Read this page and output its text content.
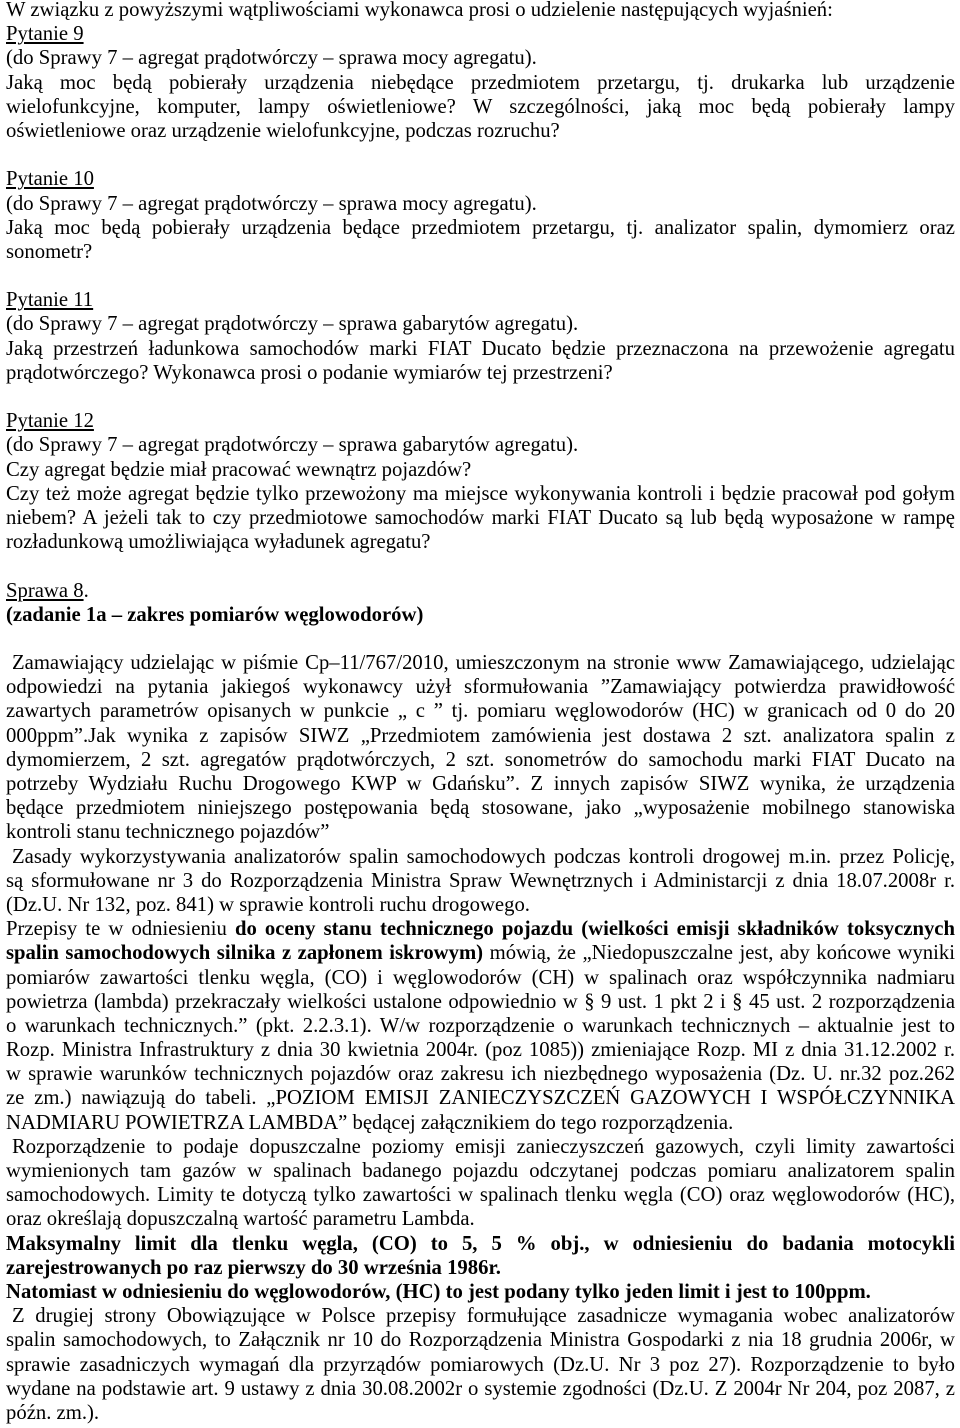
W związku z powyższymi wątpliwościami wykonawca prosi o udzielenie następujących wyjaśnień:
Pytanie 9
(do Sprawy 7 – agregat prądotwórczy – sprawa mocy agregatu).
Jaką moc będą pobierały urządzenia niebędące przedmiotem przetargu, tj. drukarka lub urządzenie
wielofunkcyjne, komputer, lampy oświetleniowe? W szczególności, jaką moc będą pobierały lampy
oświetleniowe oraz urządzenie wielofunkcyjne, podczas rozruchu?
Pytanie 10
(do Sprawy 7 – agregat prądotwórczy – sprawa mocy agregatu).
Jaką moc będą pobierały urządzenia będące przedmiotem przetargu, tj. analizator spalin, dymomierz oraz
sonometr?
Pytanie 11
(do Sprawy 7 – agregat prądotwórczy – sprawa gabarytów agregatu).
Jaką przestrzeń ładunkowa samochodów marki FIAT Ducato będzie przeznaczona na przewożenie agregatu
prądotwórczego? Wykonawca prosi o podanie wymiarów tej przestrzeni?
Pytanie 12
(do Sprawy 7 – agregat prądotwórczy – sprawa gabarytów agregatu).
Czy agregat będzie miał pracować wewnątrz pojazdów?
Czy też może agregat będzie tylko przewożony ma miejsce wykonywania kontroli i będzie pracował pod gołym
niebem? A jeżeli tak to czy przedmiotowe samochodów marki FIAT Ducato są lub będą wyposażone w rampę
rozładunkową umożliwiająca wyładunek agregatu?
Sprawa 8.
(zadanie 1a – zakres pomiarów węglowodorów)
Zamawiający udzielając w piśmie Cp–11/767/2010, umieszczonym na stronie www Zamawiającego, udzielając
odpowiedzi na pytania jakiegoś wykonawcy użył sformułowania ”Zamawiający potwierdza prawidłowość
zawartych parametrów opisanych w punkcie „ c ” tj. pomiaru węglowodorów (HC) w granicach od 0 do 20
000ppm”.Jak wynika z zapisów SIWZ „Przedmiotem zamówienia jest dostawa 2 szt. analizatora spalin z
dymomierzem, 2 szt. agregatów prądotwórczych, 2 szt. sonometrów do samochodu marki FIAT Ducato na
potrzeby Wydziału Ruchu Drogowego KWP w Gdańsku”. Z innych zapisów SIWZ wynika, że urządzenia
będące przedmiotem niniejszego postępowania będą stosowane, jako „wyposażenie mobilnego stanowiska
kontroli stanu technicznego pojazdów”
Zasady wykorzystywania analizatorów spalin samochodowych podczas kontroli drogowej m.in. przez Policję,
są sformułowane nr 3 do Rozporządzenia Ministra Spraw Wewnętrznych i Administarcji z dnia 18.07.2008r r.
(Dz.U. Nr 132, poz. 841) w sprawie kontroli ruchu drogowego.
Przepisy te w odniesieniu do oceny stanu technicznego pojazdu (wielkości emisji składników toksycznych
spalin samochodowych silnika z zapłonem iskrowym) mówią, że „Niedopuszczalne jest, aby końcowe wyniki
pomiarów zawartości tlenku węgla, (CO) i węglowodorów (CH) w spalinach oraz współczynnika nadmiaru
powietrza (lambda) przekraczały wielkości ustalone odpowiednio w § 9 ust. 1 pkt 2 i § 45 ust. 2 rozporządzenia
o warunkach technicznych.” (pkt. 2.2.3.1). W/w rozporządzenie o warunkach technicznych – aktualnie jest to
Rozp. Ministra Infrastruktury z dnia 30 kwietnia 2004r. (poz 1085)) zmieniające Rozp. MI z dnia 31.12.2002 r.
w sprawie warunków technicznych pojazdów oraz zakresu ich niezbędnego wyposażenia (Dz. U. nr.32 poz.262
ze zm.) nawiązują do tabeli. „POZIOM EMISJI ZANIECZYSZCZEŃ GAZOWYCH I WSPÓŁCZYNNIKA
NADMIARU POWIETRZA LAMBDA” będącej załącznikiem do tego rozporządzenia.
Rozporządzenie to podaje dopuszczalne poziomy emisji zanieczyszczeń gazowych, czyli limity zawartości
wymienionych tam gazów w spalinach badanego pojazdu odczytanej podczas pomiaru analizatorem spalin
samochodowych. Limity te dotyczą tylko zawartości w spalinach tlenku węgla (CO) oraz węglowodorów (HC),
oraz określają dopuszczalną wartość parametru Lambda.
Maksymalny limit dla tlenku węgla, (CO) to 5, 5 % obj., w odniesieniu do badania motocykli
zarejestrowanych po raz pierwszy do 30 września 1986r.
Natomiast w odniesieniu do węglowodorów, (HC) to jest podany tylko jeden limit i jest to 100ppm.
Z drugiej strony Obowiązujące w Polsce przepisy formułujące zasadnicze wymagania wobec analizatorów
spalin samochodowych, to Załącznik nr 10 do Rozporządzenia Ministra Gospodarki z nia 18 grudnia 2006r, w
sprawie zasadniczych wymagań dla przyrządów pomiarowych (Dz.U. Nr 3 poz 27). Rozporządzenie to było
wydane na podstawie art. 9 ustawy z dnia 30.08.2002r o systemie zgodności (Dz.U. Z 2004r Nr 204, poz 2087, z
późn. zm.).
